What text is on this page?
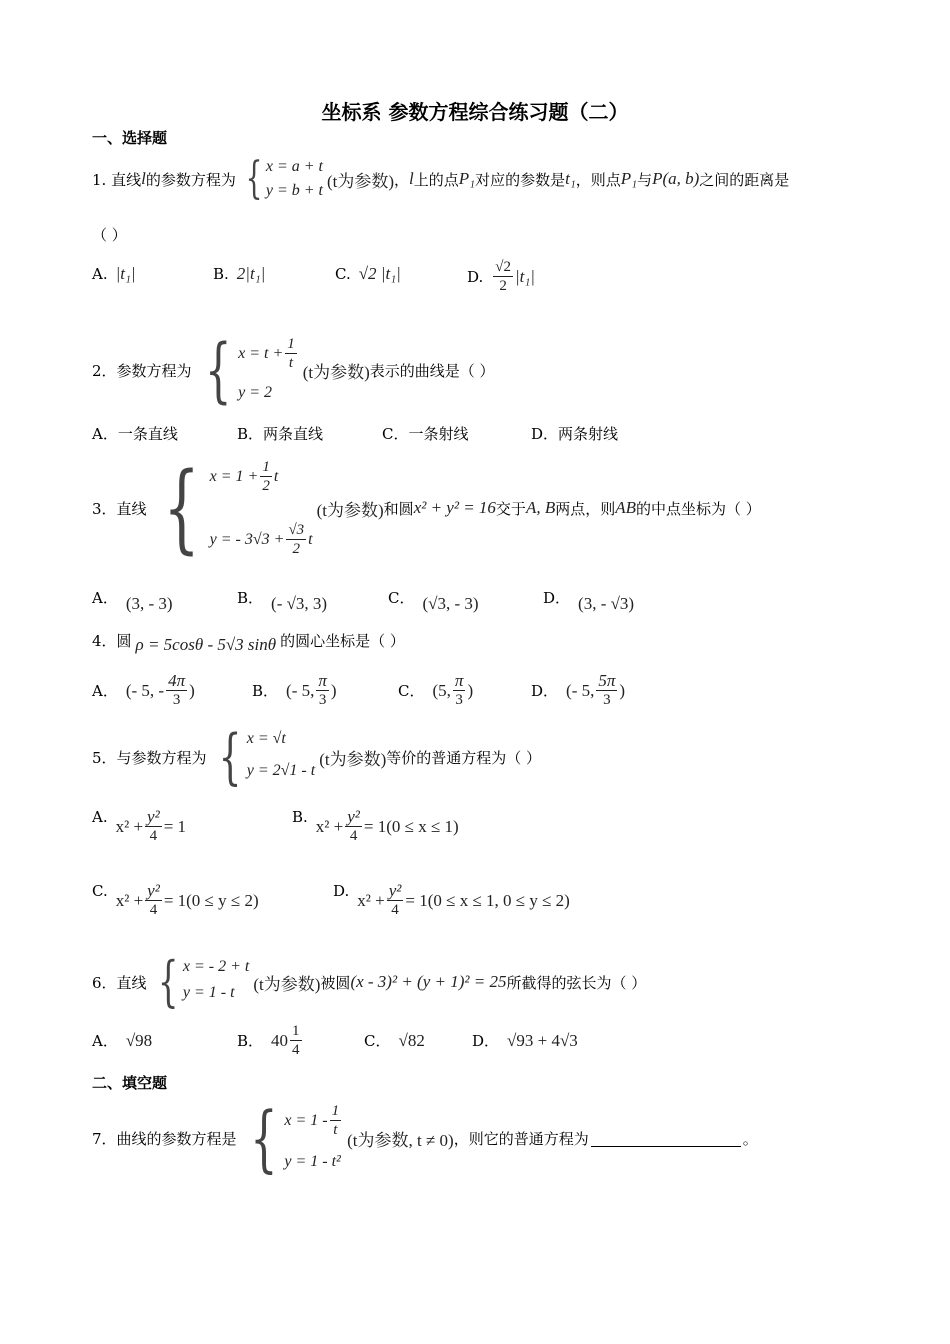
坐标系 参数方程综合练习题（二）
一、选择题
1. 直线 l 的参数方程为 { x = a + t
y = b + t (t为参数) ， l 上的点 P₁ 对应的参数是 t₁ ，则点 P₁ 与 P(a, b) 之间的距离是
（ ）
A. |t₁|	B. 2|t₁|	C. √2 |t₁|	D. $\frac{√2}{2} |t_1|$
2．参数方程为 { $x = t + \frac{1}{t}$
y = 2
(t为参数) 表示的曲线是（ ）
A． 一条直线	B． 两条直线	C． 一条射线	D． 两条射线
3．直线 { $x = 1 + \frac{1}{2}$ t
y = - $3√3 + \frac{√3}{2}$ t
(t为参数) 和圆 x² + y² = 16 交于 A, B 两点，则 AB 的中点坐标为（ ）
A． (3, - 3)	B． (- √3, 3)	C． (√3, - 3)	D． (3, - √3)
4．圆 ρ = 5cosθ - 5√3 sinθ 的圆心坐标是（ ）
A． (- 5, - $\frac{4\pi}{3}$ )	B． (- 5, $\frac{\pi}{3}$ )	C． (5, $\frac{\pi}{3}$ )	D． (- 5, $\frac{5\pi}{3}$ )
5．与参数方程为 { x = √t
y = 2√1 - t
(t为参数) 等价的普通方程为（ ）
A. $x^2 + \frac{\text{y²}}{4} = 1$	B. $x^2 + \frac{\text{y²}}{4} = 1(0 \le x \le 1)$
C. $x^2 + \frac{\text{y²}}{4} = 1(0 \le y \le 2)$	D. $x^2 + \frac{\text{y²}}{4} = 1(0 \le x \le 1$, 0 ≤ y ≤ 2)
6．直线 { x = - 2 + t
y = 1 - t	(t为参数) 被圆 (x - 3)² + (y + 1)² = 25 所截得的弦长为（ ）
A． √98	B． $40 \frac{1}{4}$	C． √82	D． √93 + 4√3
二、填空题
7．曲线的参数方程是 { $x = 1 - \frac{1}{t}$
y = 1 - t²
(t为参数, t ≠ 0) ，则它的普通方程为	。
